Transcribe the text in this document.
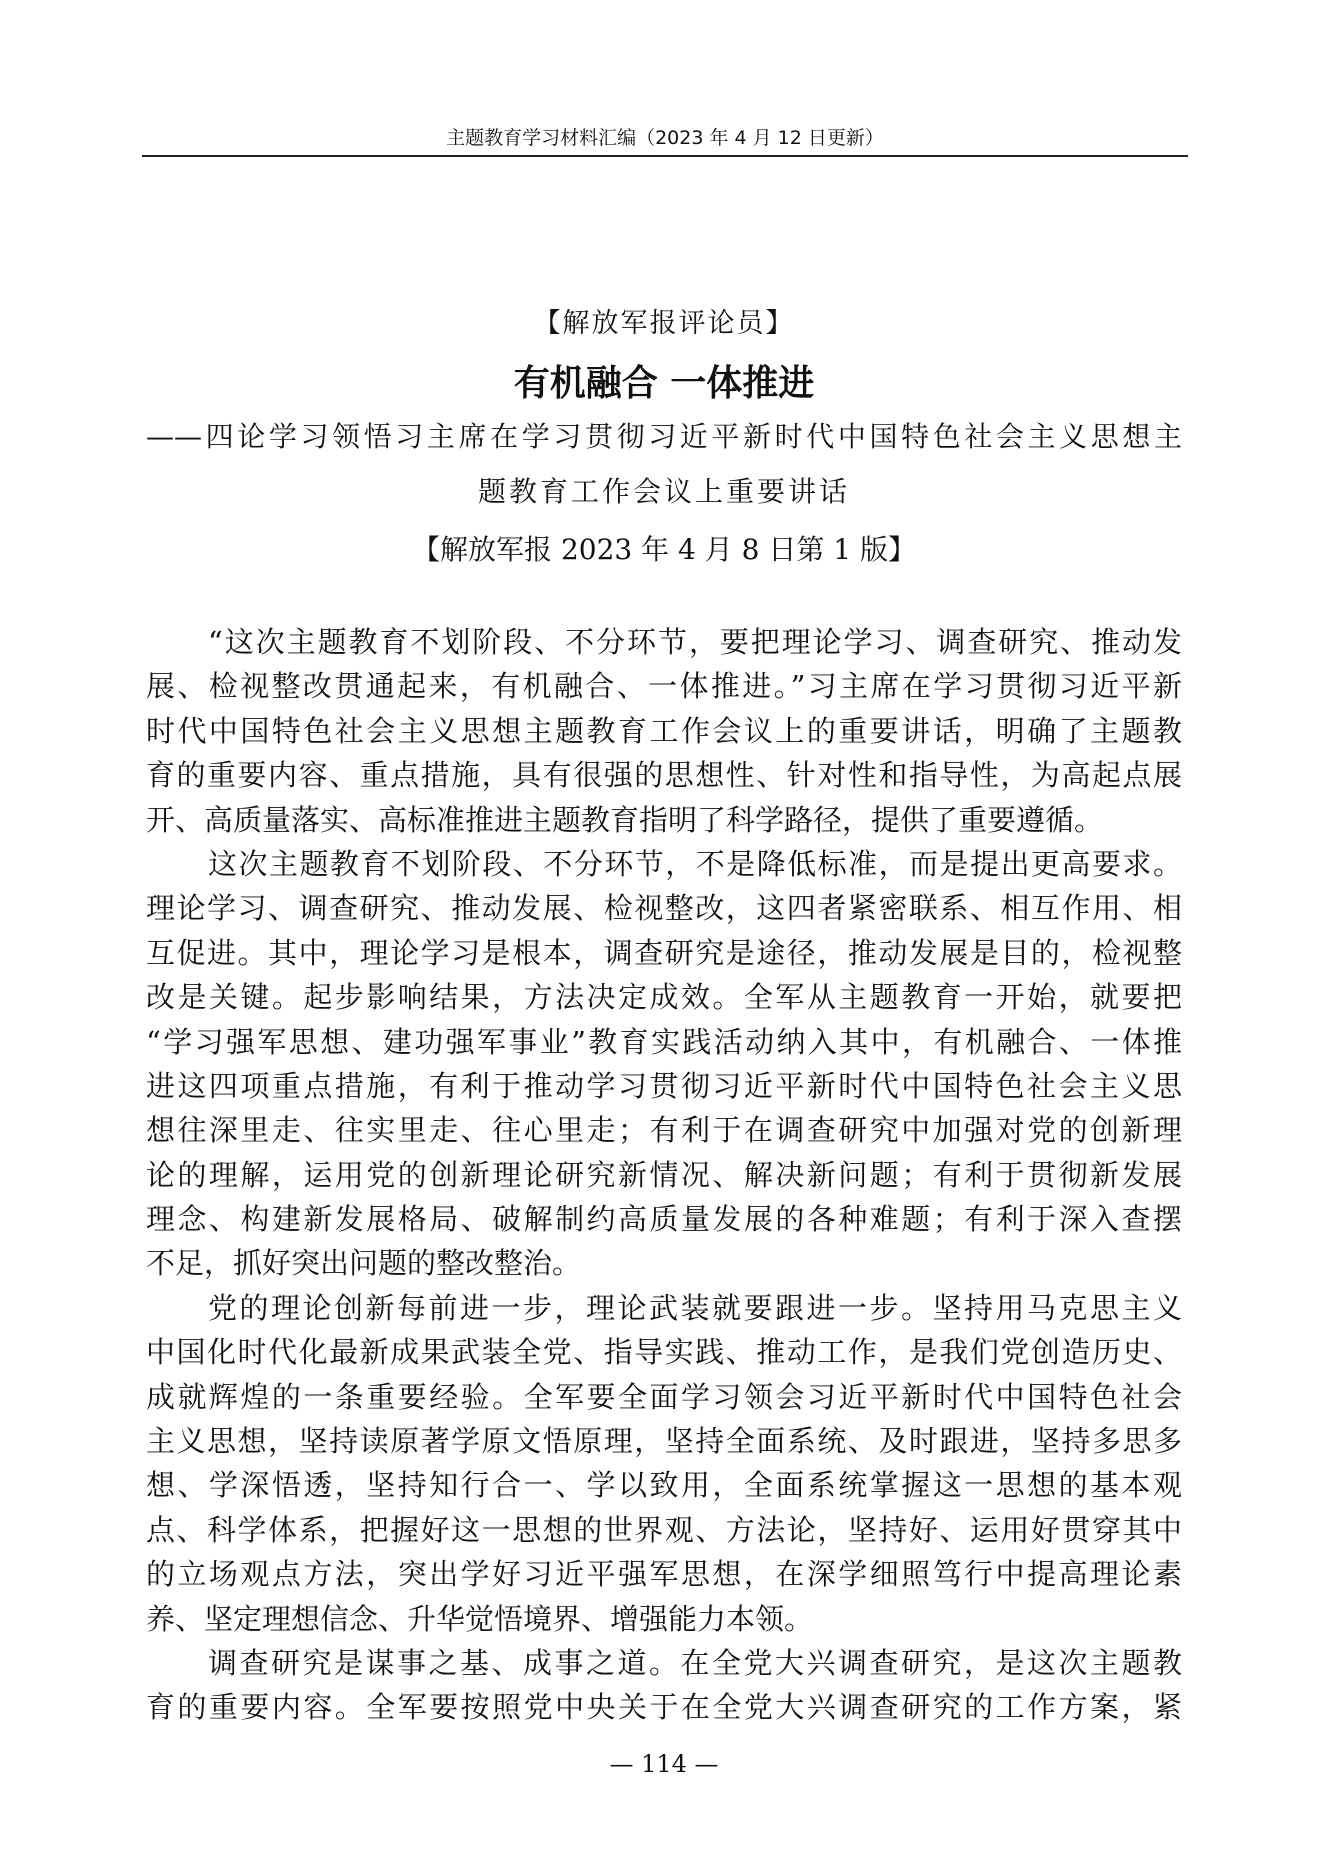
主题教育学习材料汇编（2023 年 4 月 12 日更新）
【解放军报评论员】
有机融合 一体推进
——四论学习领悟习主席在学习贯彻习近平新时代中国特色社会主义思想主
题教育工作会议上重要讲话
【解放军报 2023 年 4 月 8 日第 1 版】
“这次主题教育不划阶段、不分环节，要把理论学习、调查研究、推动发
展、检视整改贯通起来，有机融合、一体推进。”习主席在学习贯彻习近平新
时代中国特色社会主义思想主题教育工作会议上的重要讲话，明确了主题教
育的重要内容、重点措施，具有很强的思想性、针对性和指导性，为高起点展
开、高质量落实、高标准推进主题教育指明了科学路径，提供了重要遵循。
这次主题教育不划阶段、不分环节，不是降低标准，而是提出更高要求。
理论学习、调查研究、推动发展、检视整改，这四者紧密联系、相互作用、相
互促进。其中，理论学习是根本，调查研究是途径，推动发展是目的，检视整
改是关键。起步影响结果，方法决定成效。全军从主题教育一开始，就要把
“学习强军思想、建功强军事业”教育实践活动纳入其中，有机融合、一体推
进这四项重点措施，有利于推动学习贯彻习近平新时代中国特色社会主义思
想往深里走、往实里走、往心里走；有利于在调查研究中加强对党的创新理
论的理解，运用党的创新理论研究新情况、解决新问题；有利于贯彻新发展
理念、构建新发展格局、破解制约高质量发展的各种难题；有利于深入查摆
不足，抓好突出问题的整改整治。
党的理论创新每前进一步，理论武装就要跟进一步。坚持用马克思主义
中国化时代化最新成果武装全党、指导实践、推动工作，是我们党创造历史、
成就辉煌的一条重要经验。全军要全面学习领会习近平新时代中国特色社会
主义思想，坚持读原著学原文悟原理，坚持全面系统、及时跟进，坚持多思多
想、学深悟透，坚持知行合一、学以致用，全面系统掌握这一思想的基本观
点、科学体系，把握好这一思想的世界观、方法论，坚持好、运用好贯穿其中
的立场观点方法，突出学好习近平强军思想，在深学细照笃行中提高理论素
养、坚定理想信念、升华觉悟境界、增强能力本领。
调查研究是谋事之基、成事之道。在全党大兴调查研究，是这次主题教
育的重要内容。全军要按照党中央关于在全党大兴调查研究的工作方案，紧
— 114 —
